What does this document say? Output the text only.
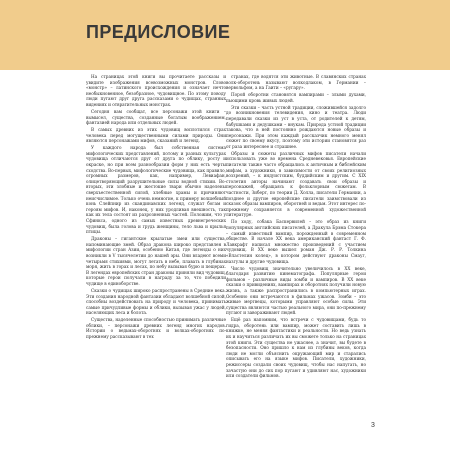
ПРЕДИСЛОВИЕ

На страницах этой книги вы прочитаете рассказы и увидите изображения всевозможных монстров. Слово «монстр» – латинского происхождения и означает нечто необыкновенное, безобразное, чудовищное. По этому поводу люди пугают друг друга рассказами о чудищах, странных видениях и отвратительных монстрах.

Сегодня вам сообщат, все персонажи этой книги – вымысел, существа, созданные богатым воображением, фантазией народа или отдельных людей.

В самых древних из этих чудовищ воплотился страх человека перед могущественными силами природы. Они являются персонажами мифов, сказаний и легенд.

У каждого народа был собственная система мифологических представлений, потому и разных культурах чудовища отличаются друг от друга по облику, росту и окраске, но при всем разнообразии форм у них есть черты сходства. Во-первых, мифологические чудовища, как правило, огромных размеров, как, например, Левиафан, олицетворяющий разрушительные силы водной стихии. Во-вторых, эти злобные и жестокие твари обычно наделены сверхъестественной силой, хлебные храмы и причиняют неисчислимое. Только очень немногие, к примеру волшебный конь Слейпнир из скандинавских легенд, служат богам и героям мифов. И, наконец, у них уродливая внешность, так как их тела состоят из разрозненных частей. Положим, что у Сфинкса, одного из самых известных древнегреческих чудовищ, была голова и грудь женщины, тело льва и крылья птицы.

Драконы – гигантские крылатые змеи или существа, напоминающие змей. Образ дракона широко представлен в мифологии стран Азии, особенно Китая, где легенды о них возникли в V тысячелетии до нашей эры. Они владеют всеми четырьмя стихиями, могут летать в небе, плавать в глубинах моря, жить в горах и лесах, по небу вызывая бурю и пещерах. В легендах европейских стран драконы приняли вид чудовищ, которые герои получали в награду за то, что победили чудище в единоборстве.

Сказки о чудищах широко распространены в Средние века. Эти создания народной фантазии обладают волшебной силой, способны воздействовать на природу и человека, принимать самые причудливые формы и облики, вызывая ужас у людей, населяющих леса и болота.

Существа, наделенные способностью принимать различные облики, – персонажи древних легенд многих народов. Истории о ведьмах-оборотнях и волках-оборотнях по-прежнему рассказывают в тех

странах, где водятся эти животные. В славянских странах волк-оборотень называют волкодлаком, в Германии – вервольфом, а на Гаити – «ругару».

Порой оборотни становятся вампирами – злыми духами, пьющими кровь живых людей.

Эти сказки – часть устной традиции, сложившейся задолго до возникновения телевидения, кино и театра. Люди передавали сказки из уст в уста, от родителей к детям, бабушками и дедушками – внукам. Природа устной традиции такова, что в ней постоянно рождаются новые образы и персонажи. При этом каждый рассказчик немного менял сюжет по своему вкусу, поэтому эти истории становятся раз от раза интереснее и страшнее.

Образы и сюжеты различных мифов писатели начали использовать уже во времена Средневековья. Европейские писатели также часто обращались к античным и библейским мифам, а художники, в зависимости от своих религиозных воззрений, – к индуистским, буддийским и другим. С XIX столетия авторы начинают создавать свои образы и персонажей, обращаясь к фольклорным сюжетам. В частности, Зиберт, по теории Д. Холла, писатели Германии, а позднее и другие европейские писатели заимствовали из сказок образы вампиров, оборотней и ведьм. Этот интерес по-прежнему сохраняется в современной художественной литературе.

По ходу, собака Баскервилей – это образ из книги популярных английских писателей, а Дракула Брэма Стокера – самый известный вампир, порожденный в современном обществе. В начале XX века американский фантаст Г. Ф. Лавкрафт написал множество произведений с участием чудовищ. В XX веке вышел роман Дж. Р. Р. Толкина «Властелин колец», в котором действуют драконы Смауг, назгулы и другие чудовища.

Число чудовищ значительно увеличилось в XX веке, благодаря развитию кинематографа. Популярные герои фильмов – различные виды зомби и вампиров. В XX веке сказки о привидениях, вампирах и оборотнях получили новую жизнь, а также распространились в компьютерных играх. Особенно они встречаются в фильмах ужасов. Зомби – это живые мертвецы, которыми управляют особые силы. Эти существа являются частью реального мира, они по-прежнему пугают и завораживают людей.

Ещё раз напомним, что встречи с чудовищами, будь то гидра, оборотень или вампир, может составить лишь в книжке, не меняя фантастики и реальности. Но ведь узнать их и научиться различать их вы сможете только на страницах этой книги. Эти существа не ужаснее, а значит, вы будете в безопасности. Оно пришло к нам из глубины веков, когда люди не могли объяснить окружающий мир и старались описывать его на языке мифов. Писатели, художники, режиссеры создали своих чудовищ, чтобы нас напугать, но зачастую они до сих пор пугают и удивляют нас, художники или создатели фильмов.

3
